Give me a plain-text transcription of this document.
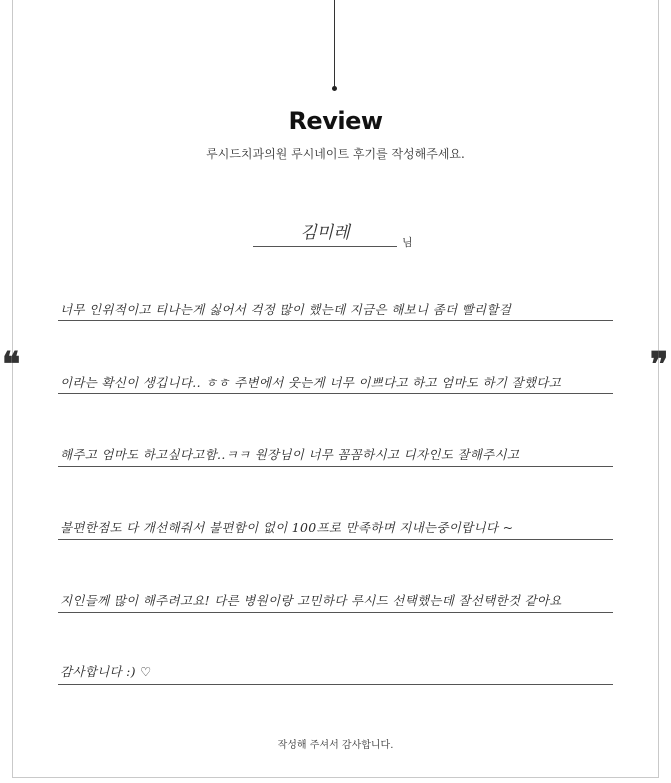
Review
루시드치과의원 루시네이트 후기를 작성해주세요.
김미레	님
❝	❞
너무 인위적이고 티나는게 싫어서 걱정 많이 했는데 지금은 해보니 좀더 빨리할걸
이라는 확신이 생깁니다.. ㅎㅎ 주변에서 웃는게 너무 이쁘다고 하고 엄마도 하기 잘했다고
해주고 엄마도 하고싶다고함..ㅋㅋ 원장님이 너무 꼼꼼하시고 디자인도 잘해주시고
불편한점도 다 개선해줘서 불편함이 없이 100프로 만족하며 지내는중이랍니다 ~
지인들께 많이 해주려고요! 다른 병원이랑 고민하다 루시드 선택했는데 잘선택한것 같아요
감사합니다 :) ♡
작성해 주셔서 감사합니다.
